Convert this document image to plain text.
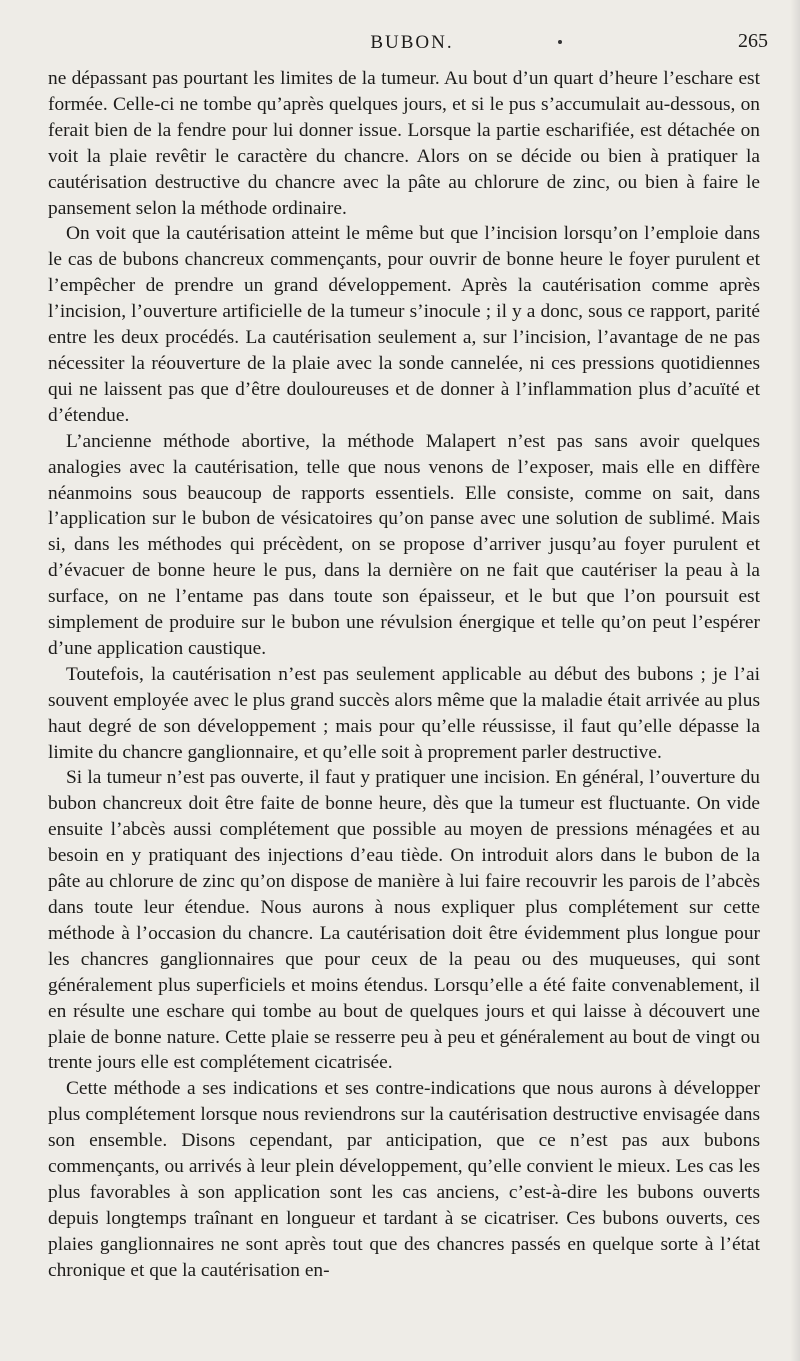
BUBON.	265

ne dépassant pas pourtant les limites de la tumeur. Au bout d’un quart d’heure l’eschare est formée. Celle-ci ne tombe qu’après quelques jours, et si le pus s’accumulait au-dessous, on ferait bien de la fendre pour lui donner issue. Lorsque la partie escharifiée, est détachée on voit la plaie revêtir le caractère du chancre. Alors on se décide ou bien à pratiquer la cautérisation destructive du chancre avec la pâte au chlorure de zinc, ou bien à faire le pansement selon la méthode ordinaire.

On voit que la cautérisation atteint le même but que l’incision lorsqu’on l’emploie dans le cas de bubons chancreux commençants, pour ouvrir de bonne heure le foyer purulent et l’empêcher de prendre un grand développement. Après la cautérisation comme après l’incision, l’ouverture artificielle de la tumeur s’inocule ; il y a donc, sous ce rapport, parité entre les deux procédés. La cautérisation seulement a, sur l’incision, l’avantage de ne pas nécessiter la réouverture de la plaie avec la sonde cannelée, ni ces pressions quotidiennes qui ne laissent pas que d’être douloureuses et de donner à l’inflammation plus d’acuïté et d’étendue.

L’ancienne méthode abortive, la méthode Malapert n’est pas sans avoir quelques analogies avec la cautérisation, telle que nous venons de l’exposer, mais elle en diffère néanmoins sous beaucoup de rapports essentiels. Elle consiste, comme on sait, dans l’application sur le bubon de vésicatoires qu’on panse avec une solution de sublimé. Mais si, dans les méthodes qui précèdent, on se propose d’arriver jusqu’au foyer purulent et d’évacuer de bonne heure le pus, dans la dernière on ne fait que cautériser la peau à la surface, on ne l’entame pas dans toute son épaisseur, et le but que l’on poursuit est simplement de produire sur le bubon une révulsion énergique et telle qu’on peut l’espérer d’une application caustique.

Toutefois, la cautérisation n’est pas seulement applicable au début des bubons ; je l’ai souvent employée avec le plus grand succès alors même que la maladie était arrivée au plus haut degré de son développement ; mais pour qu’elle réussisse, il faut qu’elle dépasse la limite du chancre ganglionnaire, et qu’elle soit à proprement parler destructive.

Si la tumeur n’est pas ouverte, il faut y pratiquer une incision. En général, l’ouverture du bubon chancreux doit être faite de bonne heure, dès que la tumeur est fluctuante. On vide ensuite l’abcès aussi complétement que possible au moyen de pressions ménagées et au besoin en y pratiquant des injections d’eau tiède. On introduit alors dans le bubon de la pâte au chlorure de zinc qu’on dispose de manière à lui faire recouvrir les parois de l’abcès dans toute leur étendue. Nous aurons à nous expliquer plus complétement sur cette méthode à l’occasion du chancre. La cautérisation doit être évidemment plus longue pour les chancres ganglionnaires que pour ceux de la peau ou des muqueuses, qui sont généralement plus superficiels et moins étendus. Lorsqu’elle a été faite convenablement, il en résulte une eschare qui tombe au bout de quelques jours et qui laisse à découvert une plaie de bonne nature. Cette plaie se resserre peu à peu et généralement au bout de vingt ou trente jours elle est complétement cicatrisée.

Cette méthode a ses indications et ses contre-indications que nous aurons à développer plus complétement lorsque nous reviendrons sur la cautérisation destructive envisagée dans son ensemble. Disons cependant, par anticipation, que ce n’est pas aux bubons commençants, ou arrivés à leur plein développement, qu’elle convient le mieux. Les cas les plus favorables à son application sont les cas anciens, c’est-à-dire les bubons ouverts depuis longtemps traînant en longueur et tardant à se cicatriser. Ces bubons ouverts, ces plaies ganglionnaires ne sont après tout que des chancres passés en quelque sorte à l’état chronique et que la cautérisation en-
